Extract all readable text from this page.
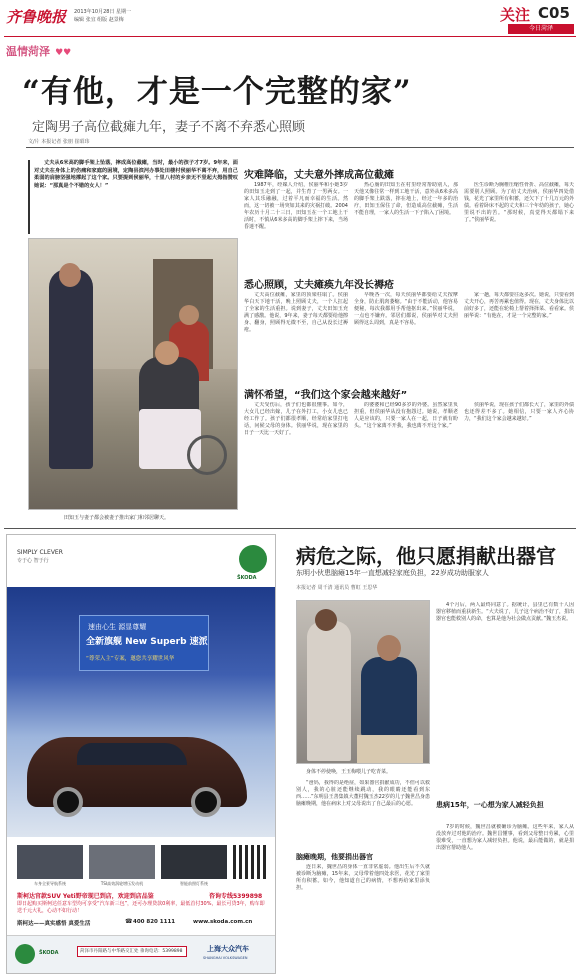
齐鲁晚报 2013年10月28日 星期一
编辑 张宜 组版 赵景梅	关注 C05
今日菏泽
温情菏泽 ♥♥
“有他，才是一个完整的家”
定陶男子高位截瘫九年，妻子不离不弃悉心照顾
文/片 本报记者 张朋 崔昭玮
丈夫从6米高的脚手架上坠落，摔成高位截瘫，当时，最小的孩子才7岁。9年来，面对丈夫在身体上的伤痛和家庭的困境，定陶县滨河办事处田楼村侯丽华不离不弃，用自己柔弱的肩膀坚强地撑起了这个家。只要提到侯丽华，十里八村的乡亲无不竖起大拇指赞叹她说：“那真是个不错的女人！”
田知玉与妻子都会被妻子推出家门和邻居聊天。
灾难降临，丈夫意外摔成高位截瘫

1987年，经媒人介绍，侯丽华和小她3岁的田知玉走到了一起，并生育了一男两女。一家人其乐融融，过着平凡而幸福的生活。然而，这一切被一场突如其来的灾祸打破。2004年农历十月二十三日，田知玉在一个工地上干活时，不慎从6米多高的脚手架上摔下来，当场昏迷不醒。

热心肠的田知玉在村里经常帮助别人，那天他又像往常一样到工地干活，意外从6米多高的脚手架上跌落，摔在地上，经过一年多的治疗，田知玉保住了命，但造成高位截瘫，生活不能自理，一家人的生活一下子陷入了困境。

医生诊断为胸椎压缩性骨折、高位截瘫，每天需要别人照顾。为了给丈夫治病，侯丽华四处借钱，花光了家里所有积蓄，还欠下了十几万元的外债。看着卧床不起的丈夫和三个年幼的孩子，她心里说不出的苦。“那时候，真觉得天都塌下来了。”侯丽华说。

悉心照顾，丈夫瘫痪九年没长褥疮

丈夫高位截瘫，家里的顶梁柱塌了。侯丽华白天下地干活，晚上照顾丈夫，一个人扛起了全家的生活重担。说到妻子，丈夫田知玉充满了感激。他说，9年来，妻子每天都要给他擦身、翻身，照顾得无微不至，自己从没长过褥疮。

早晚各一次，每天侯丽华都要给丈夫按摩全身，防止肌肉萎缩。“由于不能活动，他容易便秘，每次我都用手帮他抠出来。”侯丽华说，一点也不嫌弃。邻居们都说，侯丽华对丈夫照顾得这么周到，真是不容易。

家一趟，每天都要往返多次。她说，只要看到丈夫开心，再苦再累也值得。现在，丈夫身体比以前好多了，还能在轮椅上帮着择择菜、看看家。侯丽华说：“有他在，才是一个完整的家。”

满怀希望，“我们这个家会越来越好”

丈夫受伤后，孩子们也都很懂事。如今，大女儿已经出嫁，儿子在外打工，小女儿也已经工作了。孩子们都很孝顺，经常给家里打电话，问候父母的身体。侯丽华说，现在家里的日子一天比一天好了。

的婆婆和已经90多岁的外婆。虽然家里负担重，但侯丽华从没有抱怨过。她说，孝顺老人是应该的，只要一家人在一起，日子就有盼头。“这个家离不开我，我也离不开这个家。”

侯丽华说，现在孩子们都长大了，家里的外债也还得差不多了。她相信，只要一家人齐心协力，“我们这个家会越来越好。”

SIMPLY CLEVER
专于心 智于行
ŠKODA
速由心生 源显尊耀
全新旗舰 New Superb 速派
“尊荣入主”专案，邀您共享耀世风华
车身全景导航系统	TSI高效涡轮增压发动机	智能前照灯系统
斯柯达官款SUV Yeti野帝现已到店，欢迎到店品鉴	咨询专线5399898
即日起购买斯柯达任意车型均可享受“汽车新三包”，还可办理贷款0利率，最低首付30%，最长可贷3年，购车即送千元大礼，心动不如行动！
斯柯达——真实感悟 真爱生活	☎ 400 820 1111	www.skoda.com.cn
ŠKODA	菏泽市丹阳路与中华路交汇处 垂询电话：5399898	上海大众汽车
SHANGHAI VOLKSWAGEN
病危之际，他只愿捐献出器官
东明小伙患脑瘫15年一直想减轻家庭负担，22岁成功助服家人
本报记者 周千清 通讯员 曹虹 王思华
身体不停使唤，王玉梅喂儿子吃青菜。

“爸妈，我得的是绝症，如果器官捐献成功，不但可以救别人，我的心脏还能继续跳动，我的眼睛还能看到东西……”东明县王善集镇大董村魏玉杰22岁的儿子魏世昌身患脑瘫晚期，他在病床上对父母说出了自己最后的心愿。

脑瘫晚期，他要捐出器官

连日来，魏世昌的身体一直非常虚弱。他出生后不久就被诊断为脑瘫，15年来，父母带着他四处求医，花光了家里所有积蓄。如今，他知道自己的病情，不想再给家里添负担。

4个月后，两人最终同意了。据统计，县里已有数十人因器官移植而重获新生。“大夫说了，儿子这个病治不好了，捐出器官也能救别人的命，也算是他为社会做点贡献。”魏玉杰说。

患病15年，一心想为家人减轻负担

7岁的时候，魏世昌就被确诊为脑瘫。这些年来，家人从没放弃过对他的治疗。魏世昌懂事，看到父母整日劳累，心里很难受，一直想为家人减轻负担。他说，最后能做的，就是捐出器官帮助他人。
